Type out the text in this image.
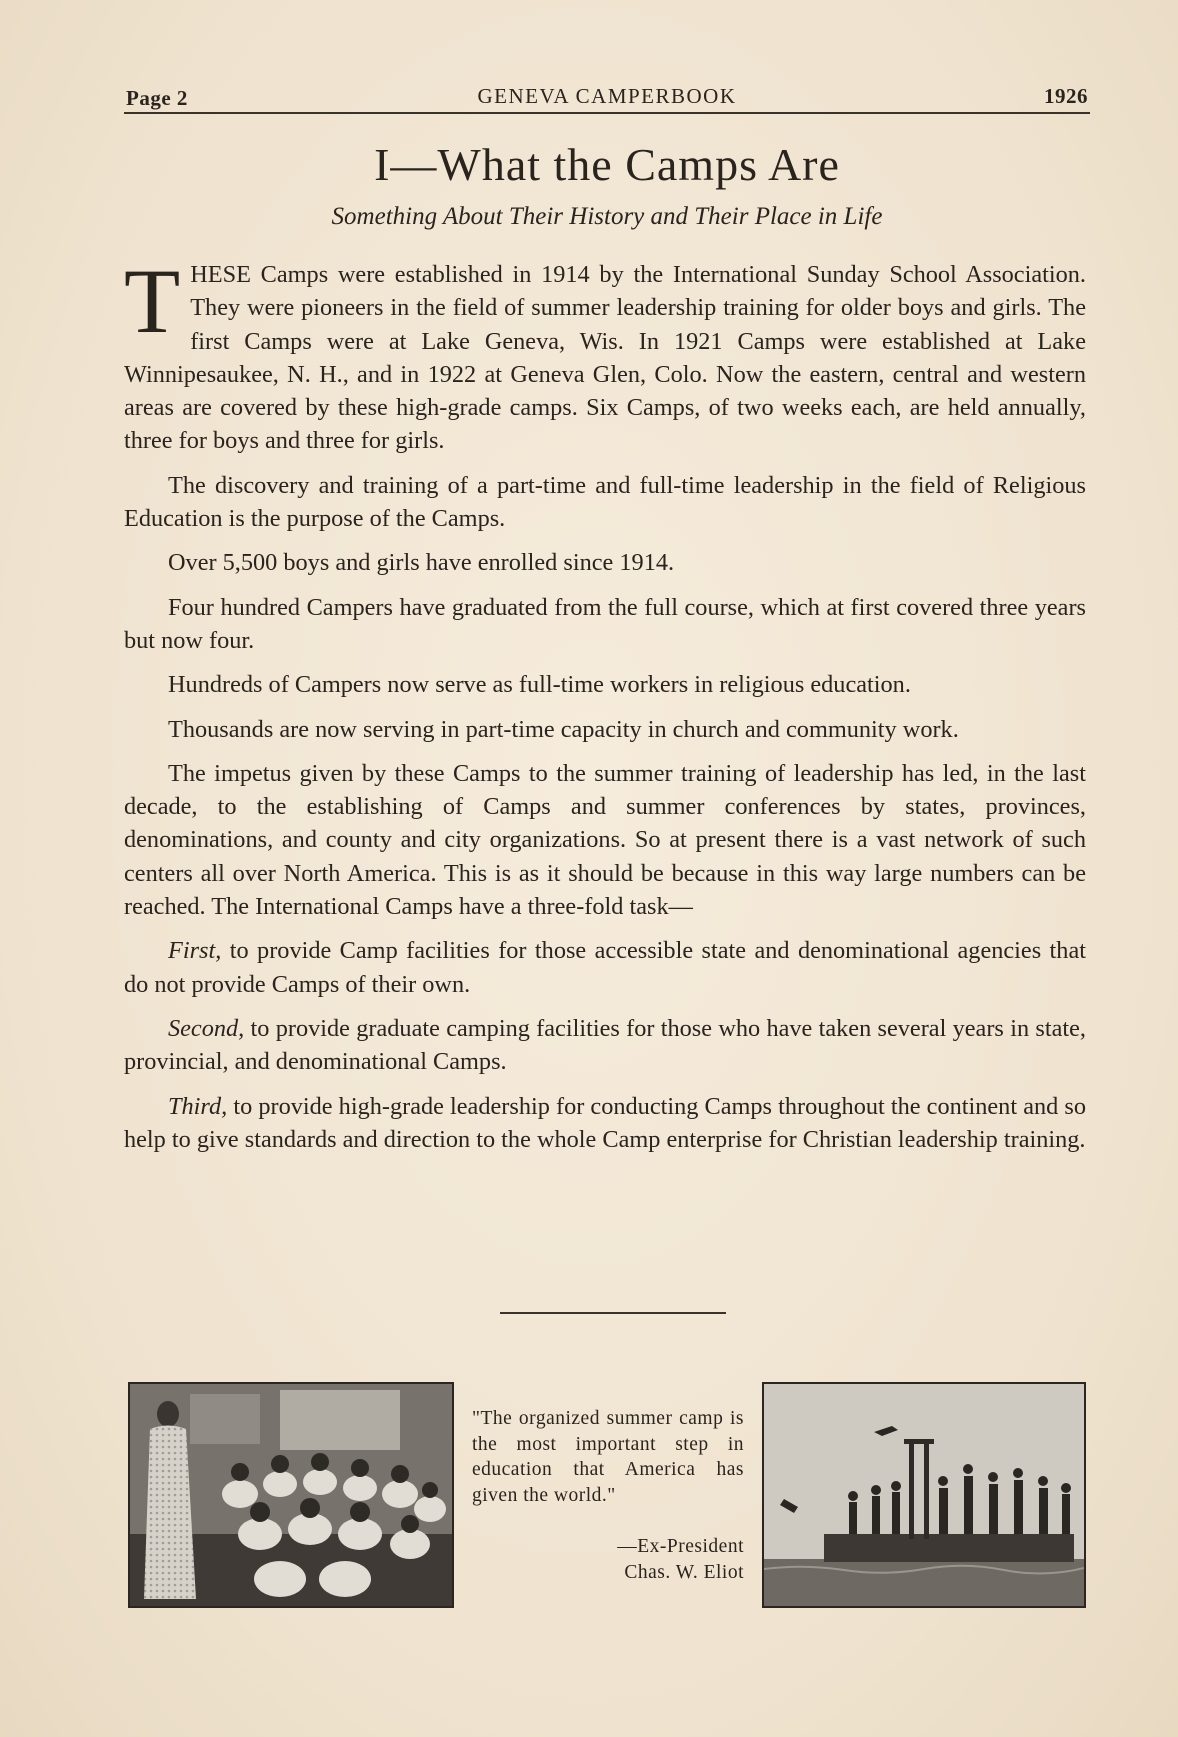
Page 2	GENEVA CAMPERBOOK	1926
I—What the Camps Are
Something About Their History and Their Place in Life

THESE Camps were established in 1914 by the International Sunday School Association. They were pioneers in the field of summer leadership training for older boys and girls. The first Camps were at Lake Geneva, Wis. In 1921 Camps were established at Lake Winnipesaukee, N. H., and in 1922 at Geneva Glen, Colo. Now the eastern, central and western areas are covered by these high-grade camps. Six Camps, of two weeks each, are held annually, three for boys and three for girls.

The discovery and training of a part-time and full-time leadership in the field of Religious Education is the purpose of the Camps.

Over 5,500 boys and girls have enrolled since 1914.

Four hundred Campers have graduated from the full course, which at first covered three years but now four.

Hundreds of Campers now serve as full-time workers in religious education.

Thousands are now serving in part-time capacity in church and community work.

The impetus given by these Camps to the summer training of leadership has led, in the last decade, to the establishing of Camps and summer conferences by states, provinces, denominations, and county and city organizations. So at present there is a vast network of such centers all over North America. This is as it should be because in this way large numbers can be reached. The International Camps have a three-fold task—

First, to provide Camp facilities for those accessible state and denominational agencies that do not provide Camps of their own.

Second, to provide graduate camping facilities for those who have taken several years in state, provincial, and denominational Camps.

Third, to provide high-grade leadership for conducting Camps throughout the continent and so help to give standards and direction to the whole Camp enterprise for Christian leadership training.

"The organized summer camp is the most important step in education that America has given the world."
—Ex-President
Chas. W. Eliot
